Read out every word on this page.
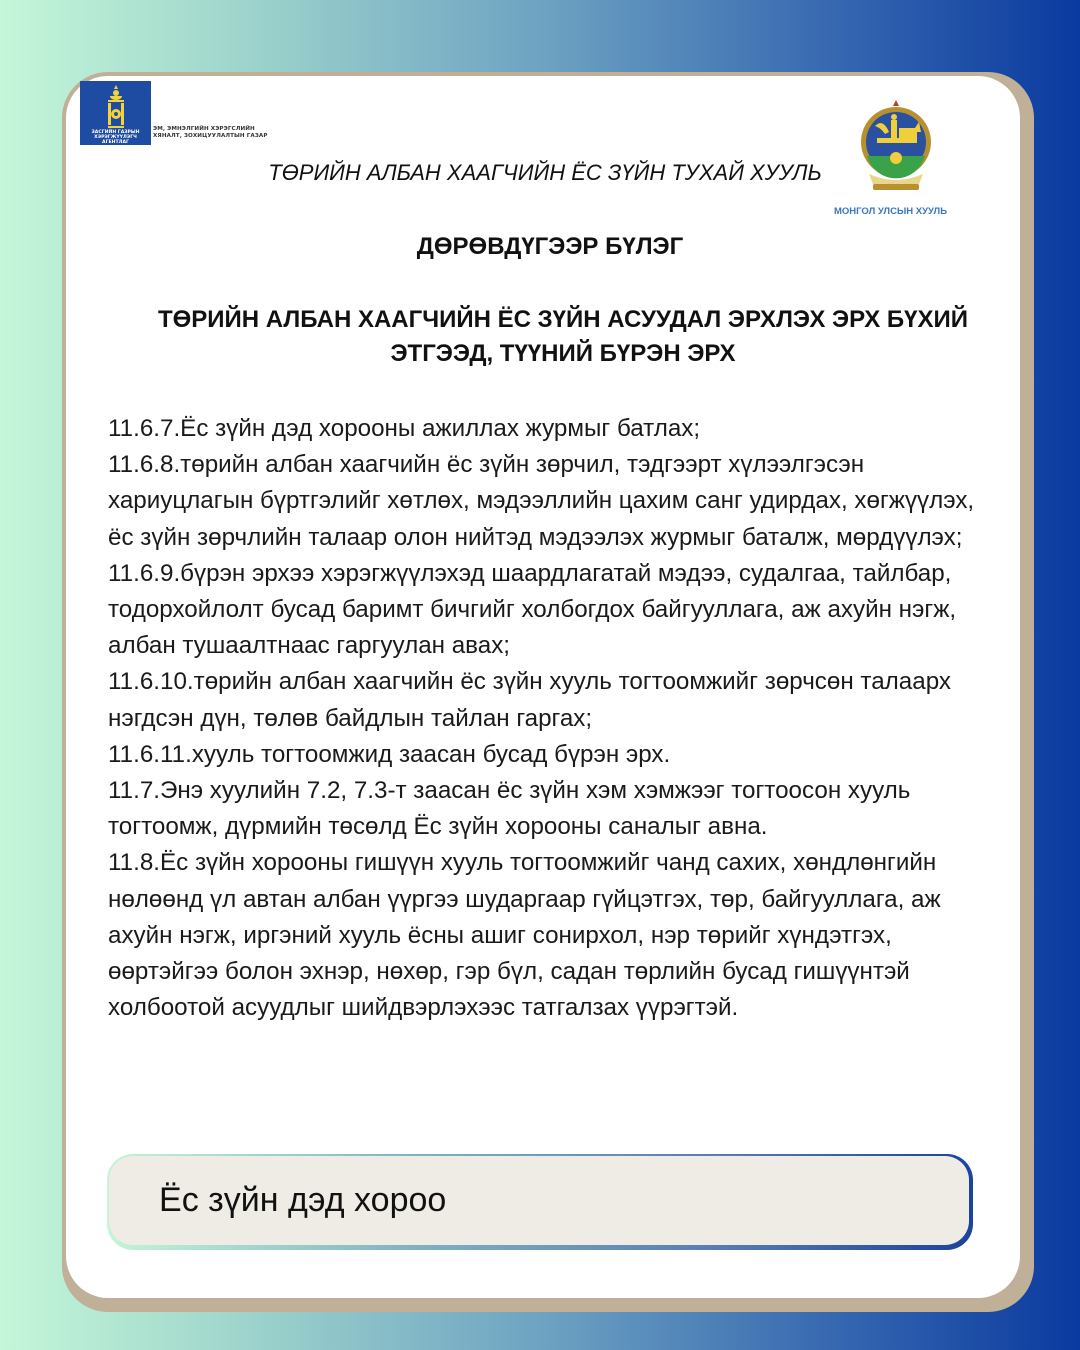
ЗАСГИЙН ГАЗРЫН ХЭРЭГЖҮҮЛЭГЧ АГЕНТЛАГ
ЭМ, ЭМНЭЛГИЙН ХЭРЭГСЛИЙН
ХЯНАЛТ, ЗОХИЦУУЛАЛТЫН ГАЗАР
МОНГОЛ УЛСЫН ХУУЛЬ
ТӨРИЙН АЛБАН ХААГЧИЙН ЁС ЗҮЙН ТУХАЙ ХУУЛЬ
ДӨРӨВДҮГЭЭР БҮЛЭГ
ТӨРИЙН АЛБАН ХААГЧИЙН ЁС ЗҮЙН АСУУДАЛ ЭРХЛЭХ ЭРХ БҮХИЙ
ЭТГЭЭД, ТҮҮНИЙ БҮРЭН ЭРХ

11.6.7.Ёс зүйн дэд хорооны ажиллах журмыг батлах;

11.6.8.төрийн албан хаагчийн ёс зүйн зөрчил, тэдгээрт хүлээлгэсэн хариуцлагын бүртгэлийг хөтлөх, мэдээллийн цахим санг удирдах, хөгжүүлэх, ёс зүйн зөрчлийн талаар олон нийтэд мэдээлэх журмыг баталж, мөрдүүлэх;

11.6.9.бүрэн эрхээ хэрэгжүүлэхэд шаардлагатай мэдээ, судалгаа, тайлбар, тодорхойлолт бусад баримт бичгийг холбогдох байгууллага, аж ахуйн нэгж, албан тушаалтнаас гаргуулан авах;

11.6.10.төрийн албан хаагчийн ёс зүйн хууль тогтоомжийг зөрчсөн талаарх нэгдсэн дүн, төлөв байдлын тайлан гаргах;

11.6.11.хууль тогтоомжид заасан бусад бүрэн эрх.

11.7.Энэ хуулийн 7.2, 7.3-т заасан ёс зүйн хэм хэмжээг тогтоосон хууль тогтоомж, дүрмийн төсөлд Ёс зүйн хорооны саналыг авна.

11.8.Ёс зүйн хорооны гишүүн хууль тогтоомжийг чанд сахих, хөндлөнгийн нөлөөнд үл автан албан үүргээ шударгаар гүйцэтгэх, төр, байгууллага, аж ахуйн нэгж, иргэний хууль ёсны ашиг сонирхол, нэр төрийг хүндэтгэх, өөртэйгээ болон эхнэр, нөхөр, гэр бүл, садан төрлийн бусад гишүүнтэй холбоотой асуудлыг шийдвэрлэхээс татгалзах үүрэгтэй.

Ёс зүйн дэд хороо
